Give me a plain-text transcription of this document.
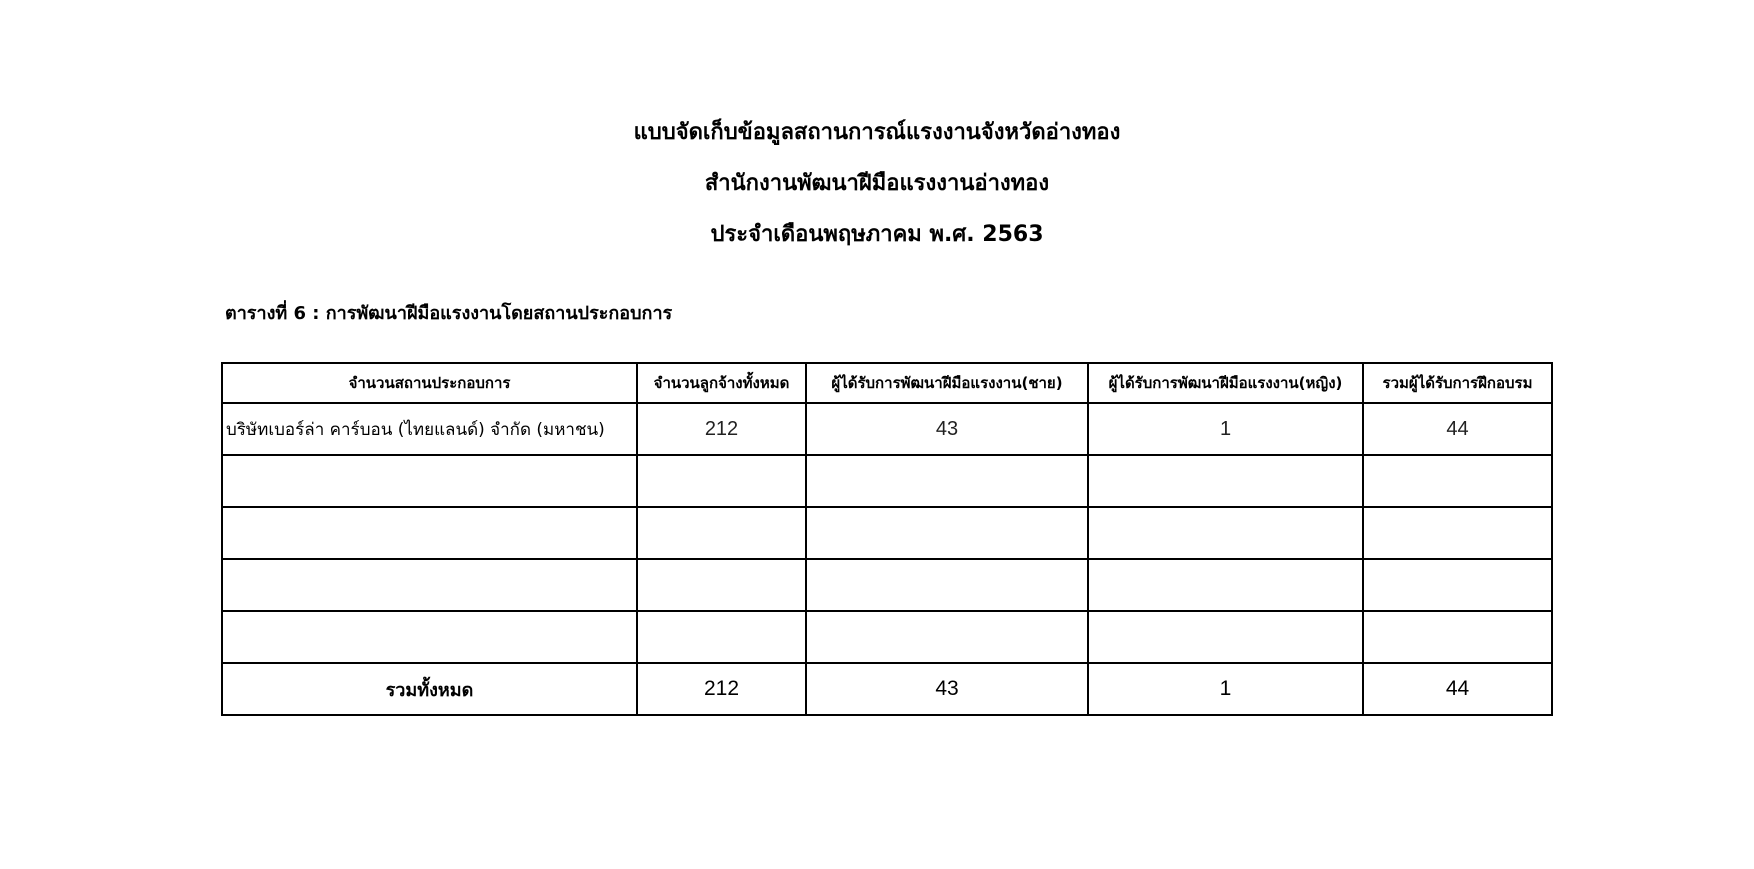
แบบจัดเก็บข้อมูลสถานการณ์แรงงานจังหวัดอ่างทอง
สำนักงานพัฒนาฝีมือแรงงานอ่างทอง
ประจำเดือนพฤษภาคม พ.ศ. 2563
ตารางที่ 6 : การพัฒนาฝีมือแรงงานโดยสถานประกอบการ
จำนวนสถานประกอบการ	จำนวนลูกจ้างทั้งหมด	ผู้ได้รับการพัฒนาฝีมือแรงงาน(ชาย)	ผู้ได้รับการพัฒนาฝีมือแรงงาน(หญิง)	รวมผู้ได้รับการฝึกอบรม
บริษัทเบอร์ล่า คาร์บอน (ไทยแลนด์) จำกัด (มหาชน)	212	43	1	44

รวมทั้งหมด	212	43	1	44
